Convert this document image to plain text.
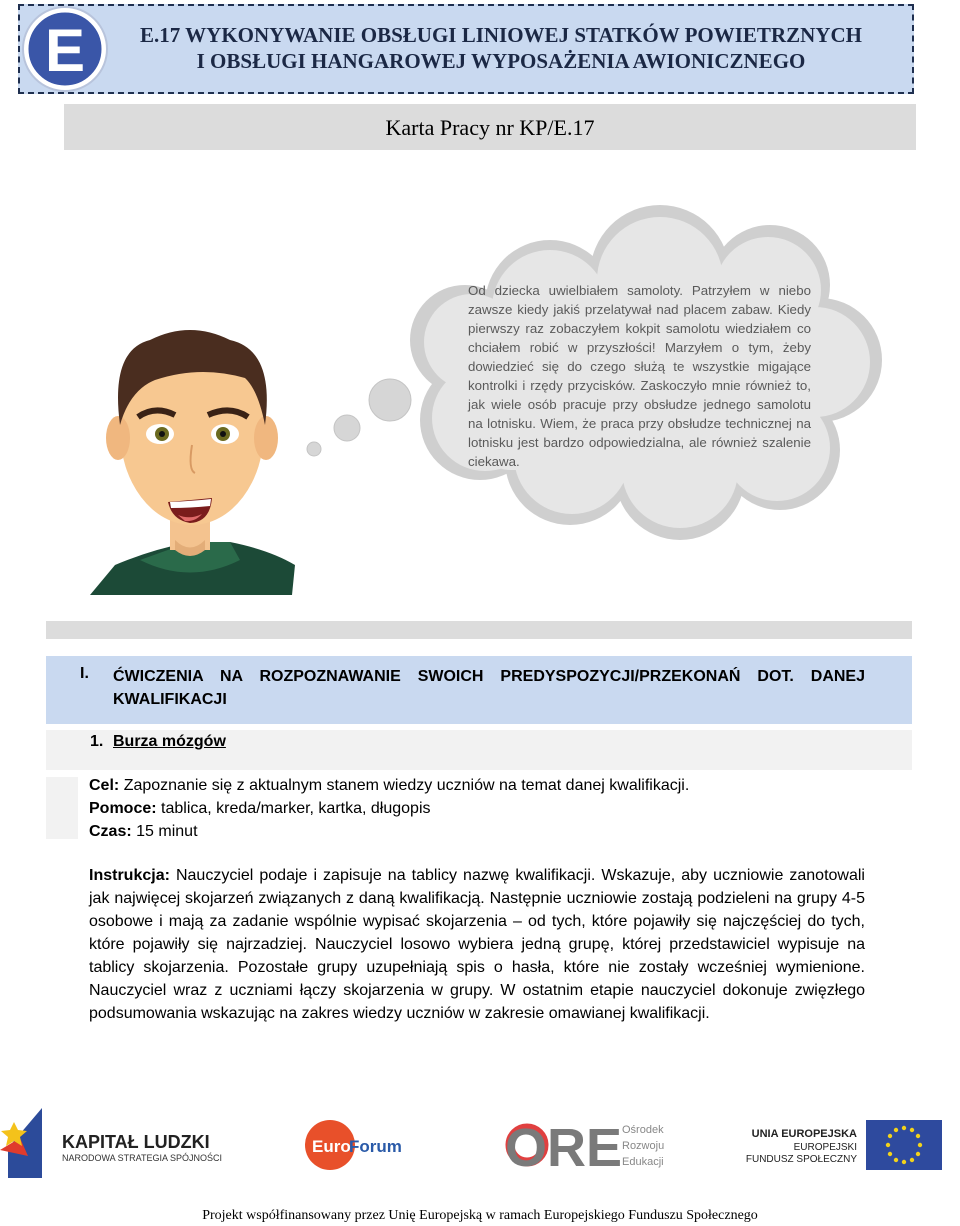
E.17 WYKONYWANIE OBSŁUGI LINIOWEJ STATKÓW POWIETRZNYCH
I OBSŁUGI HANGAROWEJ WYPOSAŻENIA AWIONICZNEGO
E
Karta Pracy nr KP/E.17
Od dziecka uwielbiałem samoloty. Patrzyłem w niebo zawsze kiedy jakiś przelatywał nad placem zabaw. Kiedy pierwszy raz zobaczyłem kokpit samolotu wiedziałem co chciałem robić w przyszłości! Marzyłem o tym, żeby dowiedzieć się do czego służą te wszystkie migające kontrolki i rzędy przycisków. Zaskoczyło mnie również to, jak wiele osób pracuje przy obsłudze jednego samolotu na lotnisku. Wiem, że praca przy obsłudze technicznej na lotnisku jest bardzo odpowiedzialna, ale również szalenie ciekawa.
I. ĆWICZENIA NA ROZPOZNAWANIE SWOICH PREDYSPOZYCJI/PRZEKONAŃ DOT. DANEJ
KWALIFIKACJI
1. Burza mózgów
Cel: Zapoznanie się z aktualnym stanem wiedzy uczniów na temat danej kwalifikacji.
Pomoce: tablica, kreda/marker, kartka, długopis
Czas: 15 minut
Instrukcja: Nauczyciel podaje i zapisuje na tablicy nazwę kwalifikacji. Wskazuje, aby uczniowie zanotowali jak najwięcej skojarzeń związanych z daną kwalifikacją. Następnie uczniowie zostają podzieleni na grupy 4-5 osobowe i mają za zadanie wspólnie wypisać skojarzenia – od tych, które pojawiły się najczęściej do tych, które pojawiły się najrzadziej. Nauczyciel losowo wybiera jedną grupę, której przedstawiciel wypisuje na tablicy skojarzenia. Pozostałe grupy uzupełniają spis o hasła, które nie zostały wcześniej wymienione. Nauczyciel wraz z uczniami łączy skojarzenia w grupy. W ostatnim etapie nauczyciel dokonuje zwięzłego podsumowania wskazując na zakres wiedzy uczniów w zakresie omawianej kwalifikacji.
KAPITAŁ LUDZKI
NARODOWA STRATEGIA SPÓJNOŚCI
Euro
Forum ORE Ośrodek
Rozwoju
Edukacji
UNIA EUROPEJSKA
EUROPEJSKI
FUNDUSZ SPOŁECZNY
Projekt współfinansowany przez Unię Europejską w ramach Europejskiego Funduszu Społecznego
